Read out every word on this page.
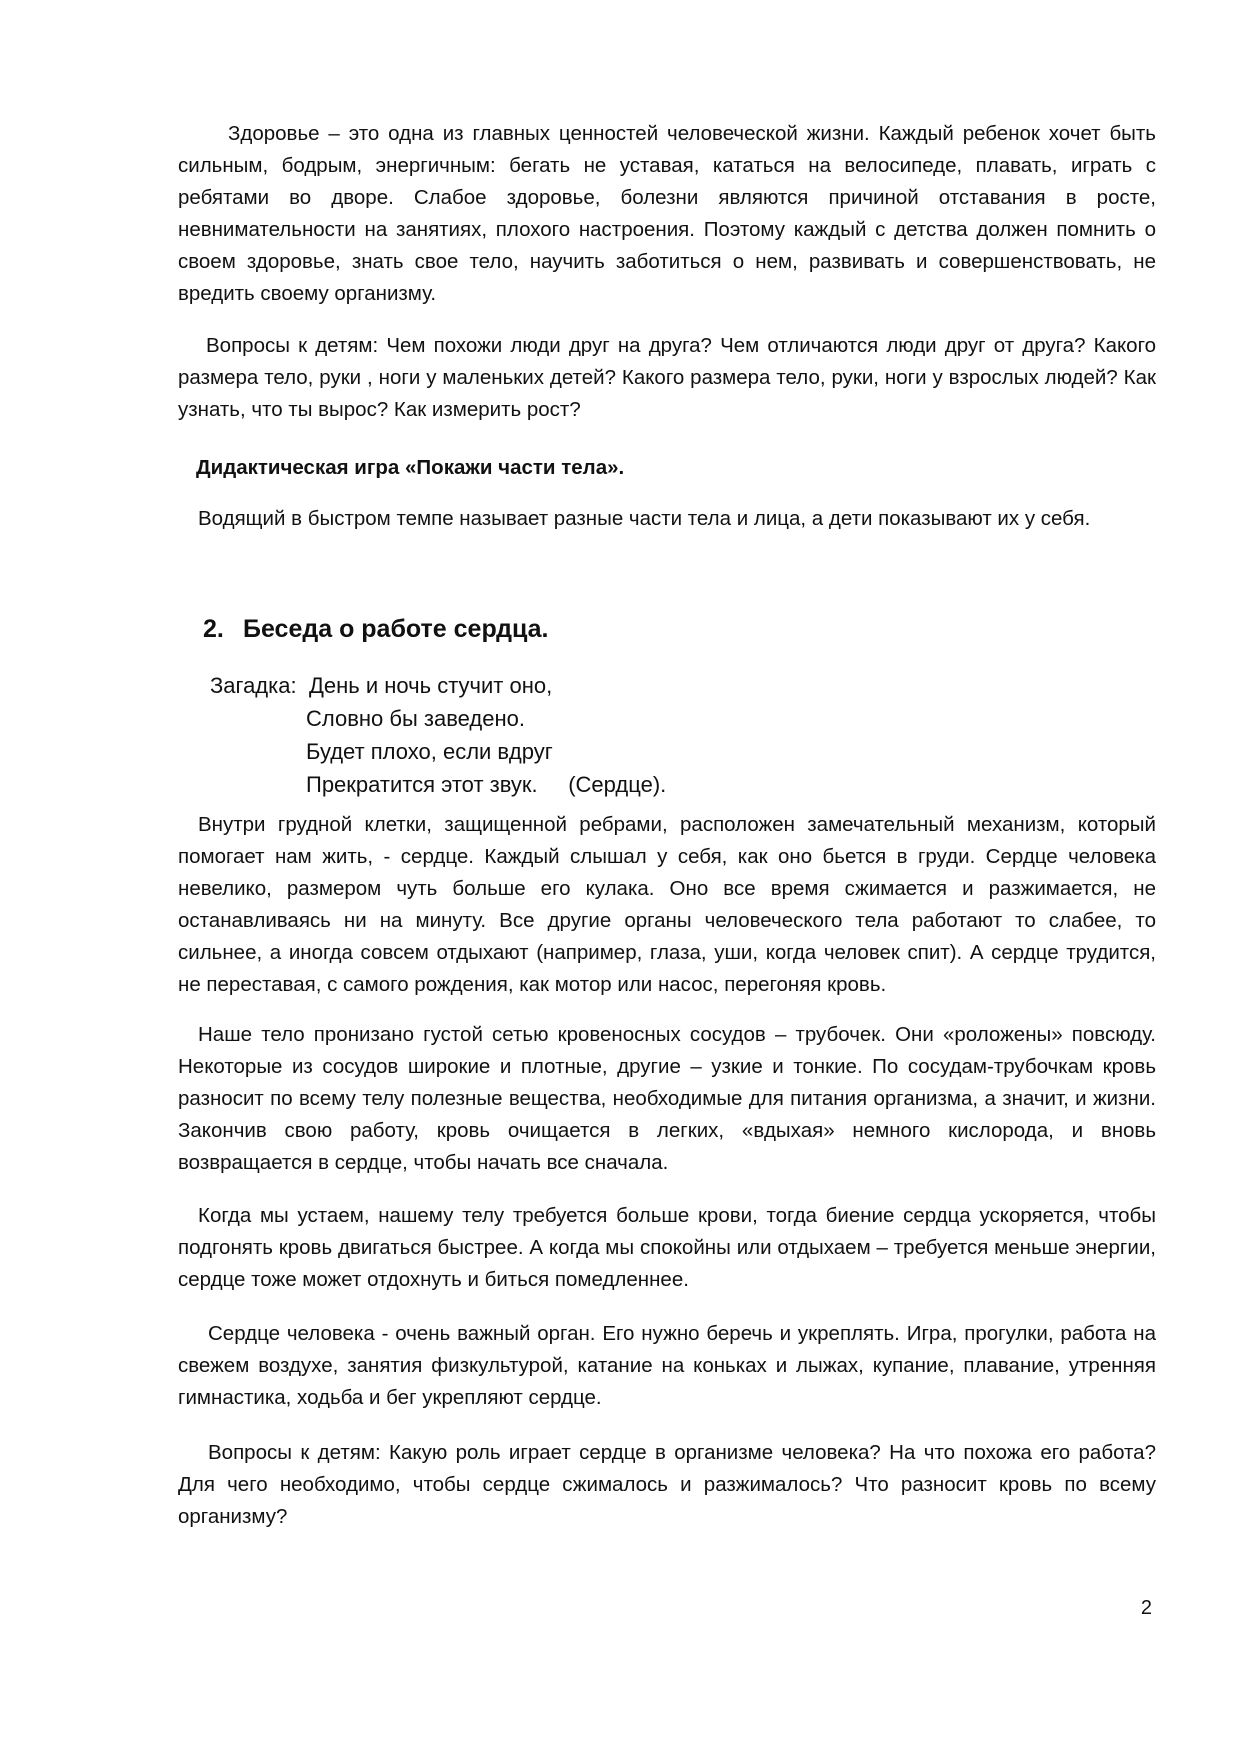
Здоровье – это одна из главных ценностей человеческой жизни. Каждый ребенок хочет быть сильным, бодрым, энергичным: бегать не уставая, кататься на велосипеде, плавать, играть с ребятами во дворе. Слабое здоровье, болезни являются причиной отставания в росте, невнимательности на занятиях, плохого настроения. Поэтому каждый с детства должен помнить о своем здоровье, знать свое тело, научить заботиться о нем, развивать и совершенствовать, не вредить своему организму.

Вопросы к детям: Чем похожи люди друг на друга? Чем отличаются люди друг от друга? Какого размера тело, руки , ноги у маленьких детей? Какого размера тело, руки, ноги у взрослых людей? Как узнать, что ты вырос? Как измерить рост?

Дидактическая игра «Покажи части тела».

Водящий в быстром темпе называет разные части тела и лица, а дети показывают их у себя.

2. Беседа о работе сердца.
Загадка: День и ночь стучит оно,

Словно бы заведено.

Будет плохо, если вдруг

Прекратится этот звук.     (Сердце).

Внутри грудной клетки, защищенной ребрами, расположен замечательный механизм, который помогает нам жить, - сердце. Каждый слышал у себя, как оно бьется в груди. Сердце человека невелико, размером чуть больше его кулака. Оно все время сжимается и разжимается, не останавливаясь ни на минуту. Все другие органы человеческого тела работают то слабее, то сильнее, а иногда совсем отдыхают (например, глаза, уши, когда человек спит). А сердце трудится, не переставая, с самого рождения, как мотор или насос, перегоняя кровь.

Наше тело пронизано густой сетью кровеносных сосудов – трубочек. Они «роложены» повсюду. Некоторые из сосудов широкие и плотные, другие – узкие и тонкие. По сосудам-трубочкам кровь разносит по всему телу полезные вещества, необходимые для питания организма, а значит, и жизни. Закончив свою работу, кровь очищается в легких, «вдыхая» немного кислорода, и вновь возвращается в сердце, чтобы начать все сначала.

Когда мы устаем, нашему телу требуется больше крови, тогда биение сердца ускоряется, чтобы подгонять кровь двигаться быстрее. А когда мы спокойны или отдыхаем – требуется меньше энергии, сердце тоже может отдохнуть и биться помедленнее.

Сердце человека - очень важный орган. Его нужно беречь и укреплять. Игра, прогулки, работа на свежем воздухе, занятия физкультурой, катание на коньках и лыжах, купание, плавание, утренняя гимнастика, ходьба и бег укрепляют сердце.

Вопросы к детям: Какую роль играет сердце в организме человека? На что похожа его работа? Для чего необходимо, чтобы сердце сжималось и разжималось? Что разносит кровь по всему организму?

2
